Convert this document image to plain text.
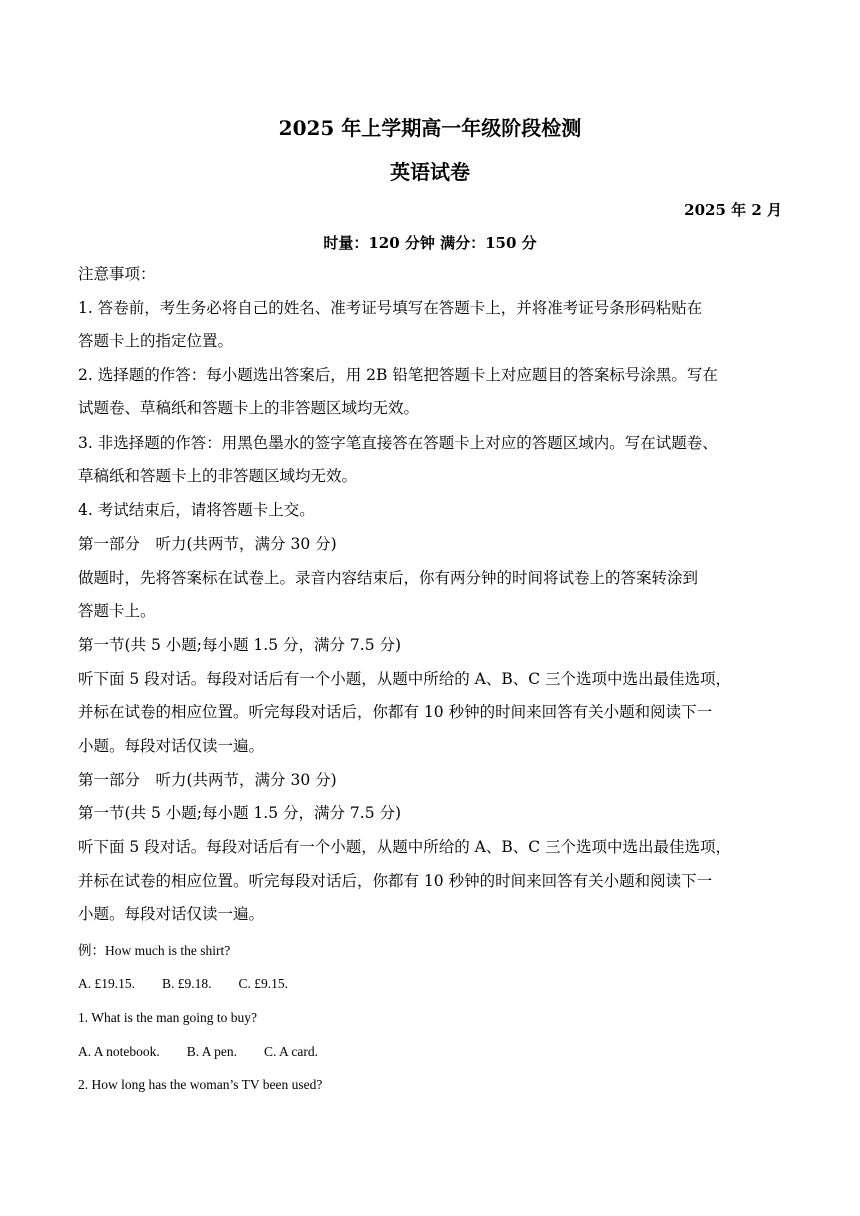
2025 年上学期高一年级阶段检测
英语试卷
2025 年 2 月
时量：120 分钟 满分：150 分
注意事项：
1. 答卷前，考生务必将自己的姓名、准考证号填写在答题卡上，并将准考证号条形码粘贴在
答题卡上的指定位置。
2. 选择题的作答：每小题选出答案后，用 2B 铅笔把答题卡上对应题目的答案标号涂黑。写在
试题卷、草稿纸和答题卡上的非答题区域均无效。
3. 非选择题的作答：用黑色墨水的签字笔直接答在答题卡上对应的答题区域内。写在试题卷、
草稿纸和答题卡上的非答题区域均无效。
4. 考试结束后，请将答题卡上交。
第一部分　听力(共两节，满分 30 分)
做题时，先将答案标在试卷上。录音内容结束后，你有两分钟的时间将试卷上的答案转涂到
答题卡上。
第一节(共 5 小题;每小题 1.5 分，满分 7.5 分)
听下面 5 段对话。每段对话后有一个小题，从题中所给的 A、B、C 三个选项中选出最佳选项，
并标在试卷的相应位置。听完每段对话后，你都有 10 秒钟的时间来回答有关小题和阅读下一
小题。每段对话仅读一遍。
第一部分　听力(共两节，满分 30 分)
第一节(共 5 小题;每小题 1.5 分，满分 7.5 分)
听下面 5 段对话。每段对话后有一个小题，从题中所给的 A、B、C 三个选项中选出最佳选项，
并标在试卷的相应位置。听完每段对话后，你都有 10 秒钟的时间来回答有关小题和阅读下一
小题。每段对话仅读一遍。
例：How much is the shirt?
A. £19.15.　　B. £9.18.　　C. £9.15.
1. What is the man going to buy?
A. A notebook.　　B. A pen.　　C. A card.
2. How long has the woman’s TV been used?
